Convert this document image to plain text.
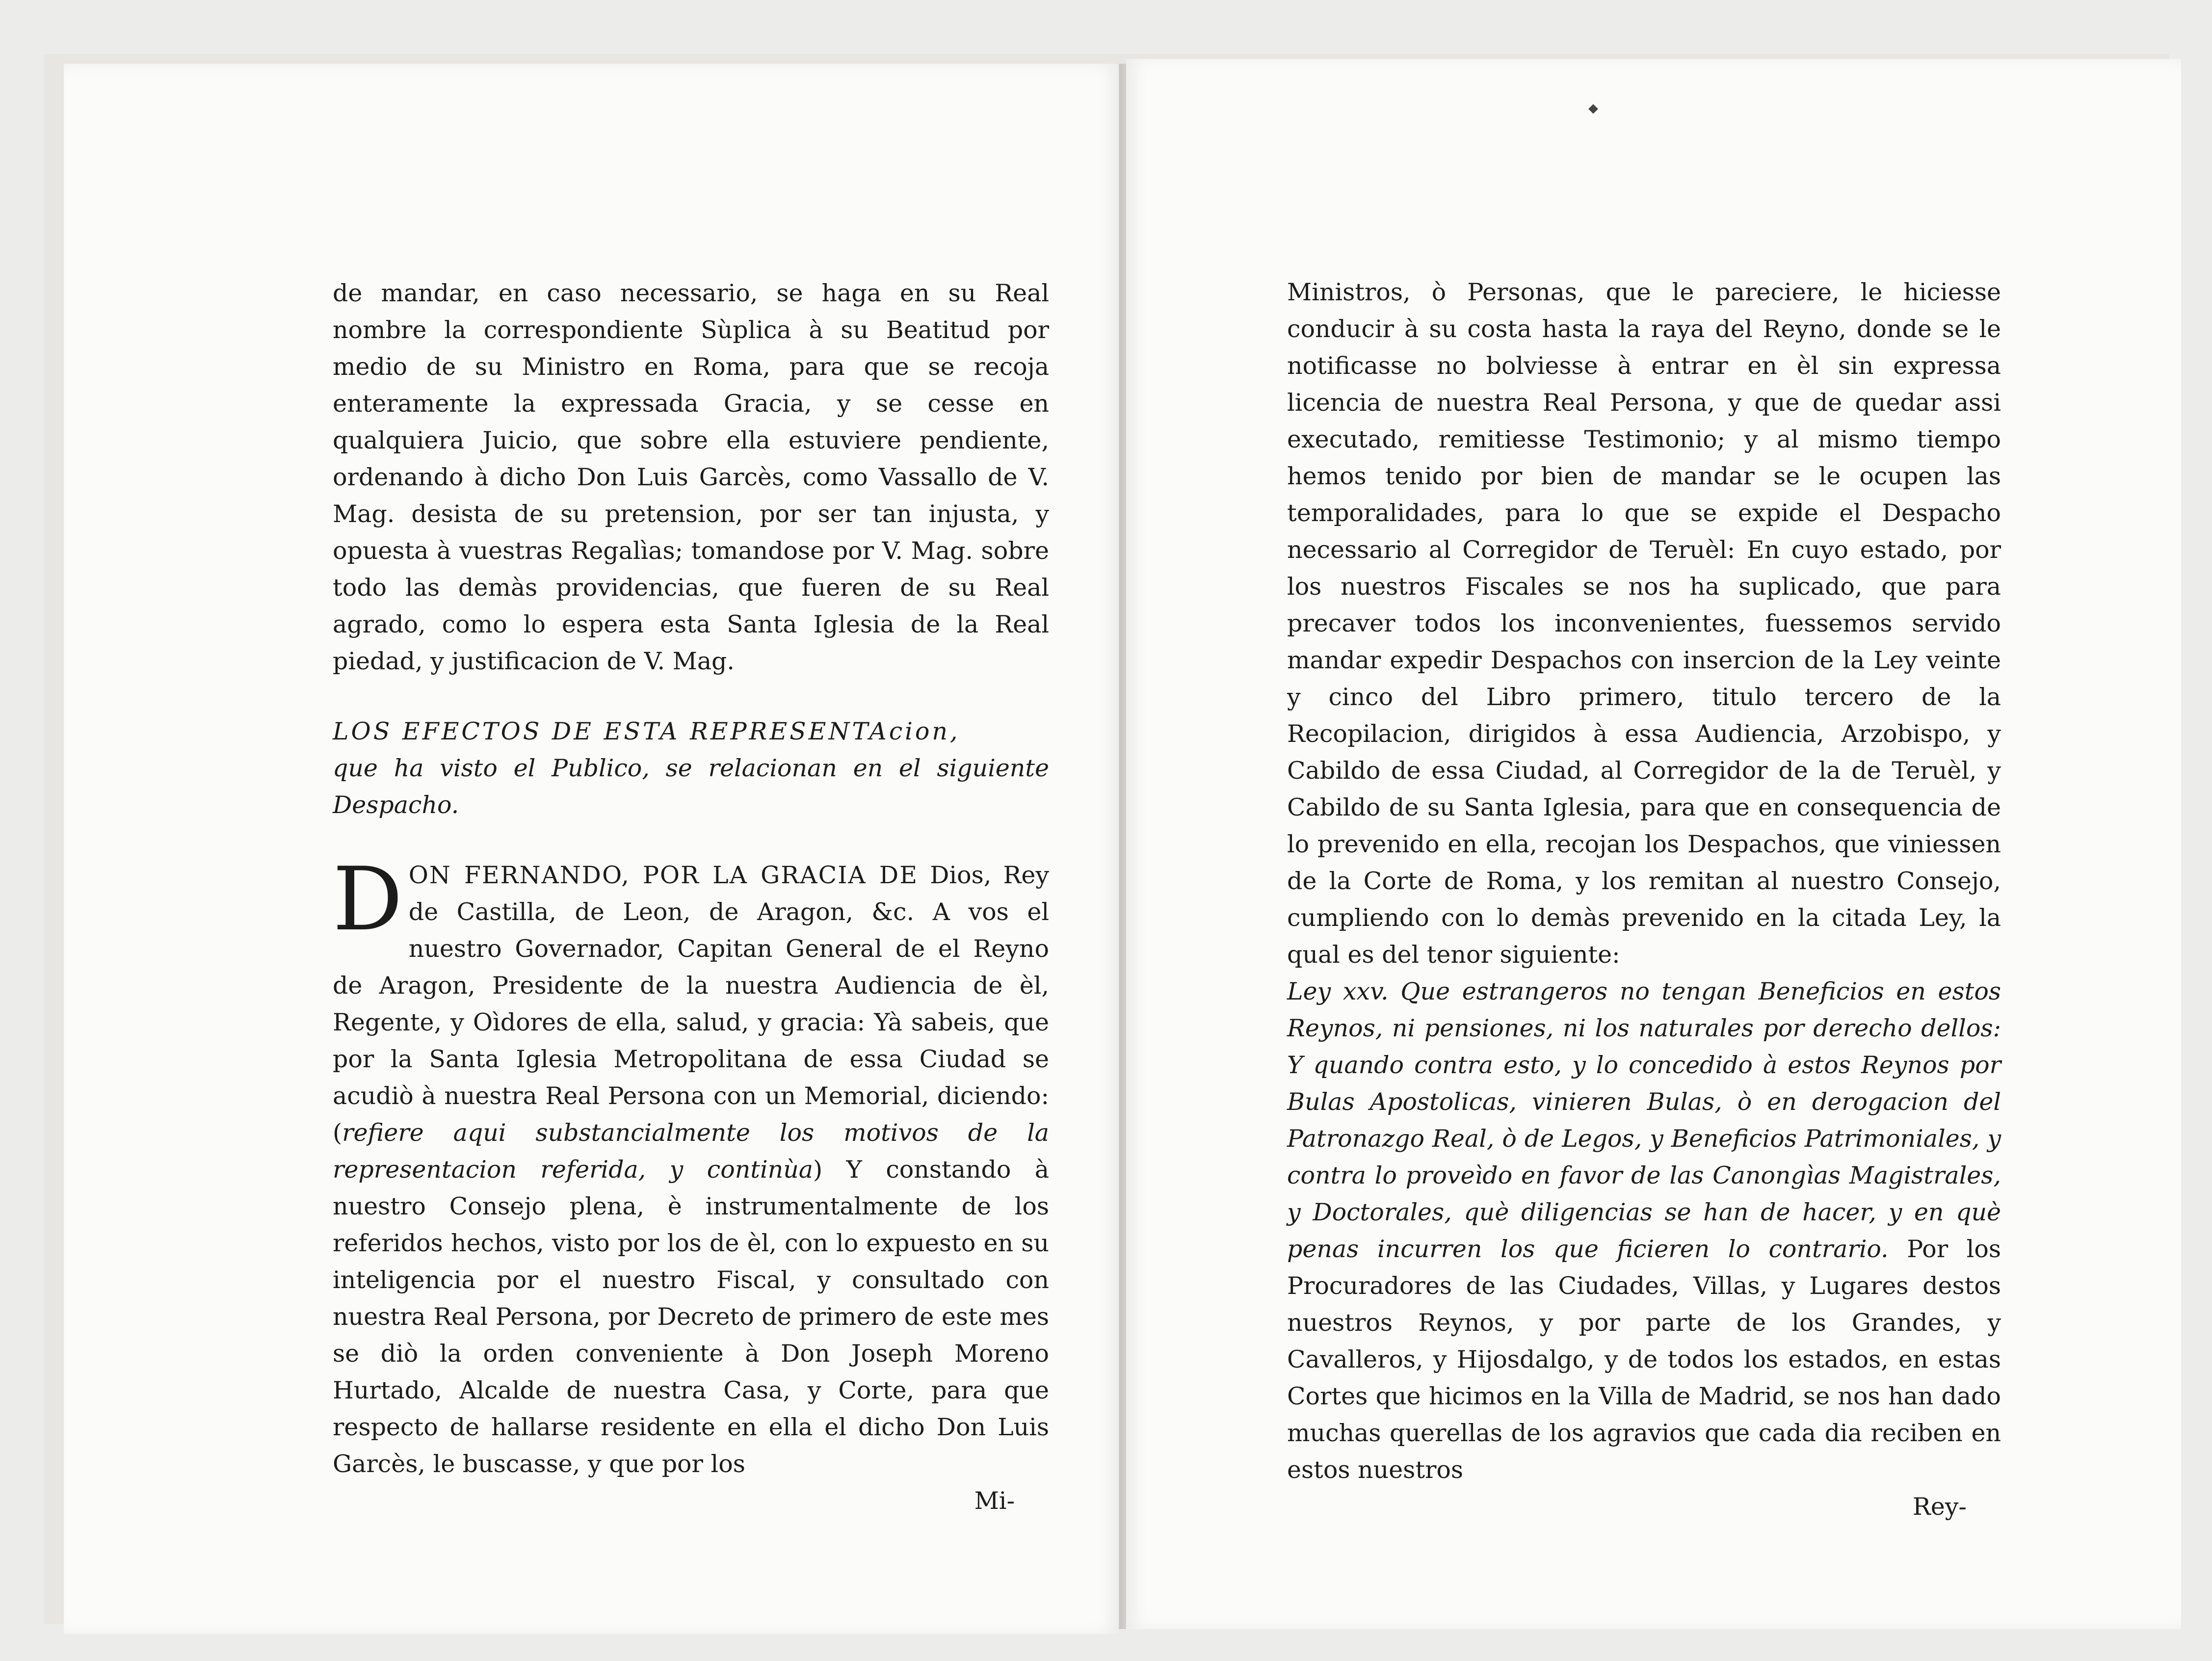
de mandar, en caso necessario, se haga en su Real nombre la correspondiente Sùplica à su Beatitud por medio de su Ministro en Roma, para que se recoja enteramente la expressada Gracia, y se cesse en qualquiera Juicio, que sobre ella estuviere pendiente, ordenando à dicho Don Luis Garcès, como Vassallo de V. Mag. desista de su pretension, por ser tan injusta, y opuesta à vuestras Regalìas; tomandose por V. Mag. sobre todo las demàs providencias, que fueren de su Real agrado, como lo espera esta Santa Iglesia de la Real piedad, y justificacion de V. Mag.

LOS EFECTOS DE ESTA REPRESENTAcion,

que ha visto el Publico, se relacionan en el siguiente Despacho.

DON FERNANDO, POR LA GRACIA DE Dios, Rey de Castilla, de Leon, de Aragon, &c. A vos el nuestro Governador, Capitan General de el Reyno de Aragon, Presidente de la nuestra Audiencia de èl, Regente, y Oìdores de ella, salud, y gracia: Yà sabeis, que por la Santa Iglesia Metropolitana de essa Ciudad se acudiò à nuestra Real Persona con un Memorial, diciendo: (refiere aqui substancialmente los motivos de la representacion referida, y continùa) Y constando à nuestro Consejo plena, è instrumentalmente de los referidos hechos, visto por los de èl, con lo expuesto en su inteligencia por el nuestro Fiscal, y consultado con nuestra Real Persona, por Decreto de primero de este mes se diò la orden conveniente à Don Joseph Moreno Hurtado, Alcalde de nuestra Casa, y Corte, para que respecto de hallarse residente en ella el dicho Don Luis Garcès, le buscasse, y que por los

Mi-

Ministros, ò Personas, que le pareciere, le hiciesse conducir à su costa hasta la raya del Reyno, donde se le notificasse no bolviesse à entrar en èl sin expressa licencia de nuestra Real Persona, y que de quedar assi executado, remitiesse Testimonio; y al mismo tiempo hemos tenido por bien de mandar se le ocupen las temporalidades, para lo que se expide el Despacho necessario al Corregidor de Teruèl: En cuyo estado, por los nuestros Fiscales se nos ha suplicado, que para precaver todos los inconvenientes, fuessemos servido mandar expedir Despachos con insercion de la Ley veinte y cinco del Libro primero, titulo tercero de la Recopilacion, dirigidos à essa Audiencia, Arzobispo, y Cabildo de essa Ciudad, al Corregidor de la de Teruèl, y Cabildo de su Santa Iglesia, para que en consequencia de lo prevenido en ella, recojan los Despachos, que viniessen de la Corte de Roma, y los remitan al nuestro Consejo, cumpliendo con lo demàs prevenido en la citada Ley, la qual es del tenor siguiente:

Ley xxv. Que estrangeros no tengan Beneficios en estos Reynos, ni pensiones, ni los naturales por derecho dellos: Y quando contra esto, y lo concedido à estos Reynos por Bulas Apostolicas, vinieren Bulas, ò en derogacion del Patronazgo Real, ò de Legos, y Beneficios Patrimoniales, y contra lo proveìdo en favor de las Canongìas Magistrales, y Doctorales, què diligencias se han de hacer, y en què penas incurren los que ficieren lo contrario. Por los Procuradores de las Ciudades, Villas, y Lugares destos nuestros Reynos, y por parte de los Grandes, y Cavalleros, y Hijosdalgo, y de todos los estados, en estas Cortes que hicimos en la Villa de Madrid, se nos han dado muchas querellas de los agravios que cada dia reciben en estos nuestros

Rey-
